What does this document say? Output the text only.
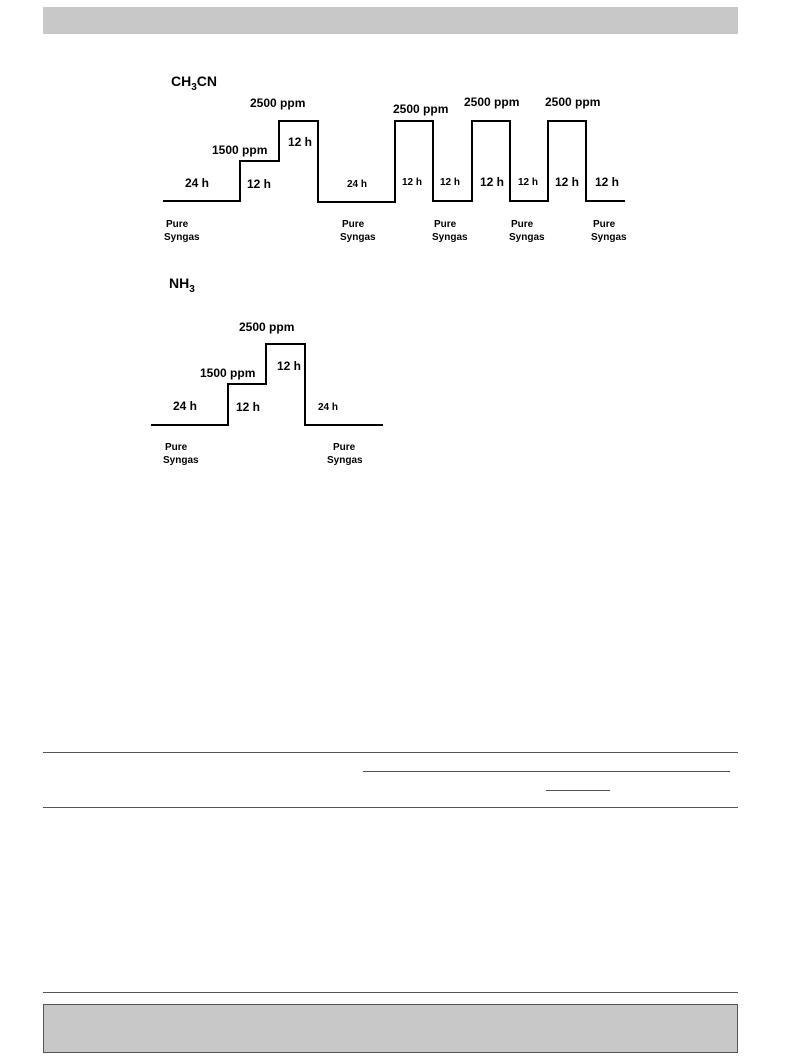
$CH_3CN$
1500 ppm
2500 ppm	2500 ppm 2500 ppm 2500 ppm
24 h	12 h
12 h
24 h	12 h 12 h 12 h 12 h 12 h 12 h
Pure
Syngas
Pure
Syngas
Pure
Syngas
Pure
Syngas
Pure
Syngas
$NH_3$
1500 ppm
2500 ppm
24 h	12 h
12 h
24 h
Pure
Syngas
Pure
Syngas
